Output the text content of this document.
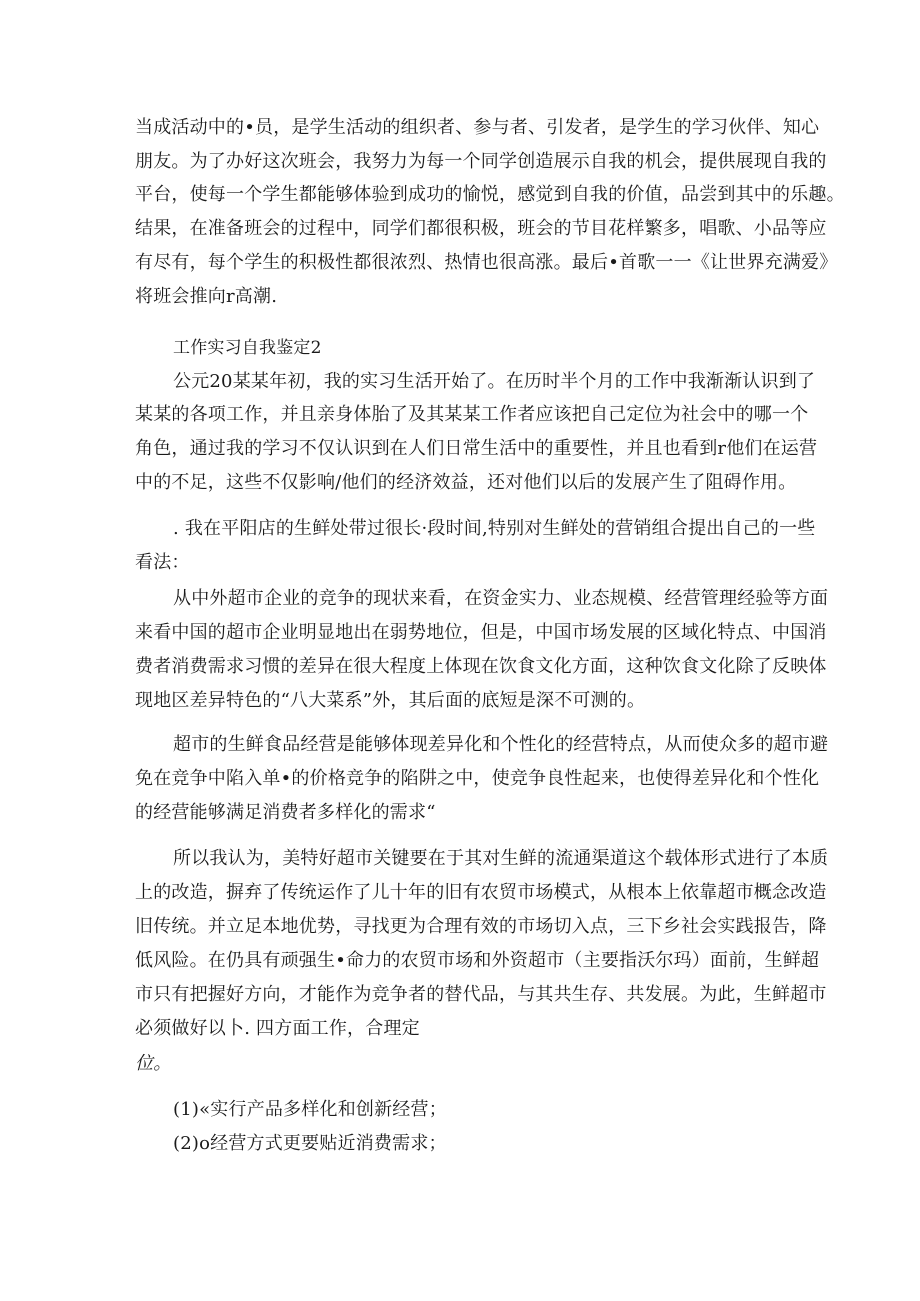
当成活动中的•员，是学生活动的组织者、参与者、引发者，是学生的学习伙伴、知心
朋友。为了办好这次班会，我努力为每一个同学创造展示自我的机会，提供展现自我的
平台，使每一个学生都能够体验到成功的愉悦，感觉到自我的价值，品尝到其中的乐趣。
结果，在准备班会的过程中，同学们都很积极，班会的节目花样繁多，唱歌、小品等应
有尽有，每个学生的积极性都很浓烈、热情也很高涨。最后•首歌一一《让世界充满爱》
将班会推向r高潮.
工作实习自我鉴定2
公元20某某年初，我的实习生活开始了。在历时半个月的工作中我渐渐认识到了
某某的各项工作，并且亲身体胎了及其某某工作者应该把自己定位为社会中的哪一个
角色，通过我的学习不仅认识到在人们日常生活中的重要性，并且也看到r他们在运营
中的不足，这些不仅影响/他们的经济效益，还对他们以后的发展产生了阻碍作用。
. 我在平阳店的生鲜处带过很长·段时间,特别对生鲜处的营销组合提出自己的一些
看法：
从中外超市企业的竞争的现状来看，在资金实力、业态规模、经营管理经验等方面
来看中国的超市企业明显地出在弱势地位，但是，中国市场发展的区域化特点、中国消
费者消费需求习惯的差异在很大程度上体现在饮食文化方面，这种饮食文化除了反映体
现地区差异特色的“八大菜系”外，其后面的底短是深不可测的。
超市的生鲜食品经营是能够体现差异化和个性化的经营特点，从而使众多的超市避
免在竞争中陷入单•的价格竞争的陷阱之中，使竞争良性起来，也使得差异化和个性化
的经营能够满足消费者多样化的需求“
所以我认为，美特好超市关键要在于其对生鲜的流通渠道这个载体形式进行了本质
上的改造，摒弃了传统运作了儿十年的旧有农贸市场模式，从根本上依靠超市概念改造
旧传统。并立足本地优势，寻找更为合理有效的市场切入点，三下乡社会实践报告，降
低风险。在仍具有顽强生•命力的农贸市场和外资超市（主要指沃尔玛）面前，生鲜超
市只有把握好方向，才能作为竞争者的替代品，与其共生存、共发展。为此，生鲜超市
必须做好以卜. 四方面工作，合理定
位。
(1)«实行产品多样化和创新经营；
(2)o经营方式更要贴近消费需求；
